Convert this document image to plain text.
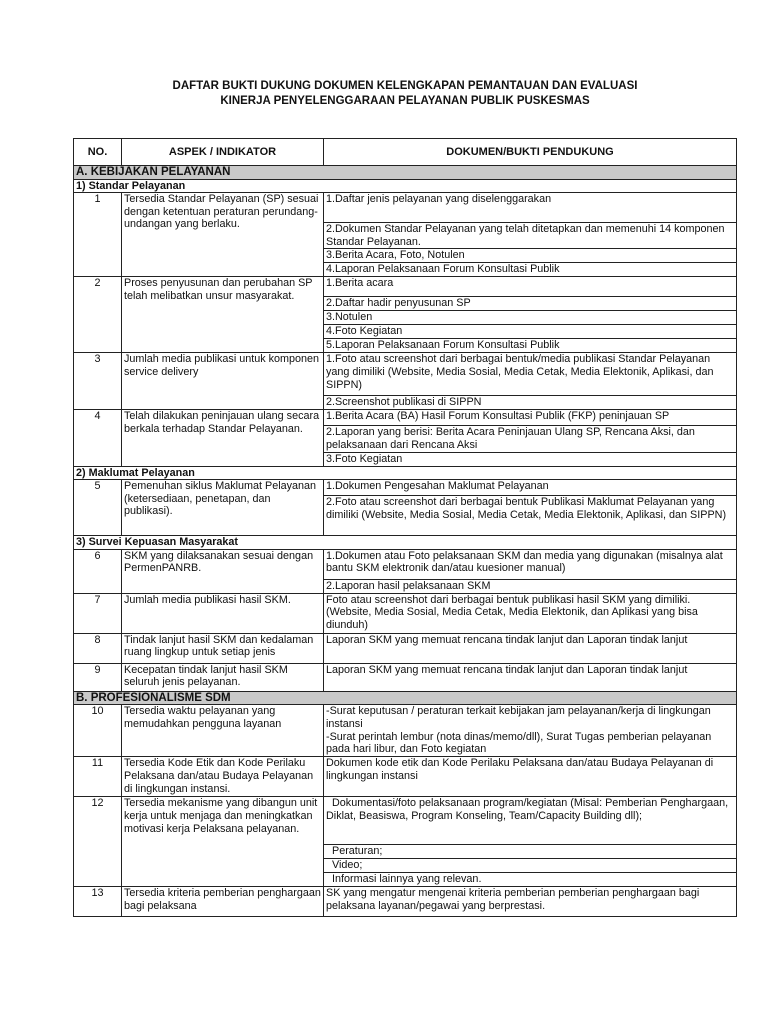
DAFTAR BUKTI DUKUNG DOKUMEN KELENGKAPAN PEMANTAUAN DAN EVALUASI
KINERJA PENYELENGGARAAN PELAYANAN PUBLIK PUSKESMAS
NO.	ASPEK / INDIKATOR	DOKUMEN/BUKTI PENDUKUNG
A. KEBIJAKAN PELAYANAN		
1) Standar Pelayanan		
1	Tersedia Standar Pelayanan (SP) sesuai dengan ketentuan peraturan perundang-undangan yang berlaku.	1.Daftar jenis pelayanan yang diselenggarakan
		2.Dokumen Standar Pelayanan yang telah ditetapkan dan memenuhi 14 komponen Standar Pelayanan.
		3.Berita Acara, Foto, Notulen
		4.Laporan Pelaksanaan Forum Konsultasi Publik
2	Proses penyusunan dan perubahan SP telah melibatkan unsur masyarakat.	1.Berita acara
		2.Daftar hadir penyusunan SP
		3.Notulen
		4.Foto Kegiatan
		5.Laporan Pelaksanaan Forum Konsultasi Publik
3	Jumlah media publikasi untuk komponen service delivery	1.Foto atau screenshot dari berbagai bentuk/media publikasi Standar Pelayanan yang dimiliki (Website, Media Sosial, Media Cetak, Media Elektonik, Aplikasi, dan SIPPN)
		2.Screenshot publikasi di SIPPN
4	Telah dilakukan peninjauan ulang secara berkala terhadap Standar Pelayanan.	1.Berita Acara (BA) Hasil Forum Konsultasi Publik (FKP) peninjauan SP
		2.Laporan yang berisi: Berita Acara Peninjauan Ulang SP, Rencana Aksi, dan pelaksanaan dari Rencana Aksi
		3.Foto Kegiatan
2) Maklumat Pelayanan		
5	Pemenuhan siklus Maklumat Pelayanan (ketersediaan, penetapan, dan publikasi).	1.Dokumen Pengesahan Maklumat Pelayanan
		2.Foto atau screenshot dari berbagai bentuk Publikasi Maklumat Pelayanan yang dimiliki (Website, Media Sosial, Media Cetak, Media Elektonik, Aplikasi, dan SIPPN)
3) Survei Kepuasan Masyarakat		
6	SKM yang dilaksanakan sesuai dengan PermenPANRB.	1.Dokumen atau Foto pelaksanaan SKM dan media yang digunakan (misalnya alat bantu SKM elektronik dan/atau kuesioner manual)
		2.Laporan hasil pelaksanaan SKM
7	Jumlah media publikasi hasil SKM.	Foto atau screenshot dari berbagai bentuk publikasi hasil SKM yang dimiliki. (Website, Media Sosial, Media Cetak, Media Elektonik, dan Aplikasi yang bisa diunduh)
8	Tindak lanjut hasil SKM dan kedalaman ruang lingkup untuk setiap jenis	Laporan SKM yang memuat rencana tindak lanjut dan Laporan tindak lanjut
9	Kecepatan tindak lanjut hasil SKM seluruh jenis pelayanan.	Laporan SKM yang memuat rencana tindak lanjut dan Laporan tindak lanjut
B. PROFESIONALISME SDM		
10	Tersedia waktu pelayanan yang memudahkan pengguna layanan	-Surat keputusan / peraturan terkait kebijakan jam pelayanan/kerja di lingkungan instansi
		-Surat perintah lembur (nota dinas/memo/dll), Surat Tugas pemberian pelayanan pada hari libur, dan Foto kegiatan
11	Tersedia Kode Etik dan Kode Perilaku Pelaksana dan/atau Budaya Pelayanan di lingkungan instansi.	Dokumen kode etik dan Kode Perilaku Pelaksana dan/atau Budaya Pelayanan di lingkungan instansi
12	Tersedia mekanisme yang dibangun unit kerja untuk menjaga dan meningkatkan motivasi kerja Pelaksana pelayanan.	Dokumentasi/foto pelaksanaan program/kegiatan (Misal: Pemberian Penghargaan, Diklat, Beasiswa, Program Konseling, Team/Capacity Building dll);
		Peraturan;
		Video;
		Informasi lainnya yang relevan.
13	Tersedia kriteria pemberian penghargaan bagi pelaksana	SK yang mengatur mengenai kriteria pemberian pemberian penghargaan bagi pelaksana layanan/pegawai yang berprestasi.
